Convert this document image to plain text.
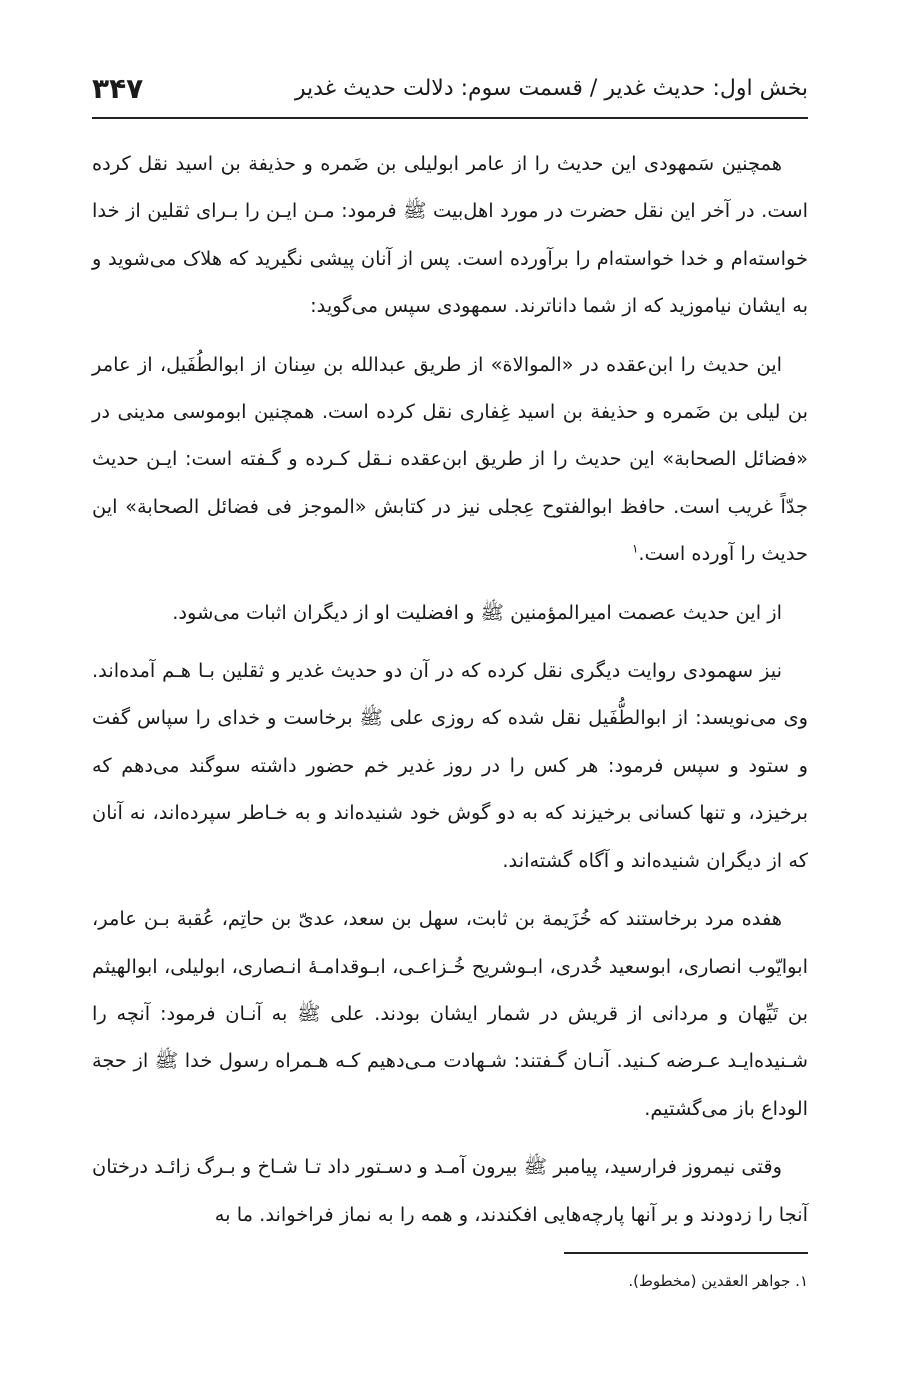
بخش اول: حدیث غدیر / قسمت سوم: دلالت حدیث غدیر
۳۴۷

همچنین سَمهودی این حدیث را از عامر ابولیلی بن ضَمره و حذیفة بن اسید نقل کرده است. در آخر این نقل حضرت در مورد اهل‌بیت ﷺ فرمود: مـن ایـن را بـرای ثقلین از خدا خواسته‌ام و خدا خواسته‌ام را برآورده است. پس از آنان پیشی نگیرید که هلاک می‌شوید و به ایشان نیاموزید که از شما داناترند. سمهودی سپس می‌گوید:

این حدیث را ابن‌عقده در «الموالاة» از طریق عبدالله بن سِنان از ابوالطُفَیل، از عامر بن لیلی بن ضَمره و حذیفة بن اسید غِفاری نقل کرده است. همچنین ابوموسی مدینی در «فضائل الصحابة» این حدیث را از طریق ابن‌عقده نـقل کـرده و گـفته است: ایـن حدیث جدّاً غریب است. حافظ ابوالفتوح عِجلی نیز در کتابش «الموجز فی فضائل الصحابة» این حدیث را آورده است.$^۱$

از این حدیث عصمت امیرالمؤمنین ﷺ و افضلیت او از دیگران اثبات می‌شود.

نیز سهمودی روایت دیگری نقل کرده که در آن دو حدیث غدیر و ثقلین بـا هـم آمده‌اند. وی می‌نویسد: از ابوالطُّفَیل نقل شده که روزی علی ﷺ برخاست و خدای را سپاس گفت و ستود و سپس فرمود: هر کس را در روز غدیر خم حضور داشته سوگند می‌دهم که برخیزد، و تنها کسانی برخیزند که به دو گوش خود شنیده‌اند و به خـاطر سپرده‌اند، نه آنان که از دیگران شنیده‌اند و آگاه گشته‌اند.

هفده مرد برخاستند که خُزَیمة بن ثابت، سهل بن سعد، عدیّ بن حاتِم، عُقبة بـن عامر، ابوایّوب انصاری، ابوسعید خُدری، ابـوشریح خُـزاعـی، ابـوقدامـهٔ انـصاری، ابولیلی، ابوالهیثم بن تَیِّهان و مردانی از قریش در شمار ایشان بودند. علی ﷺ به آنـان فرمود: آنچه را شـنیده‌ایـد عـرضه کـنید. آنـان گـفتند: شـهادت مـی‌دهیم کـه هـمراه رسول خدا ﷺ از حجة الوداع باز می‌گشتیم.

وقتی نیمروز فرارسید، پیامبر ﷺ بیرون آمـد و دسـتور داد تـا شـاخ و بـرگ زائـد درختان آنجا را زدودند و بر آنها پارچه‌هایی افکندند، و همه را به نماز فراخواند. ما به

۱. جواهر العقدین (مخطوط).
